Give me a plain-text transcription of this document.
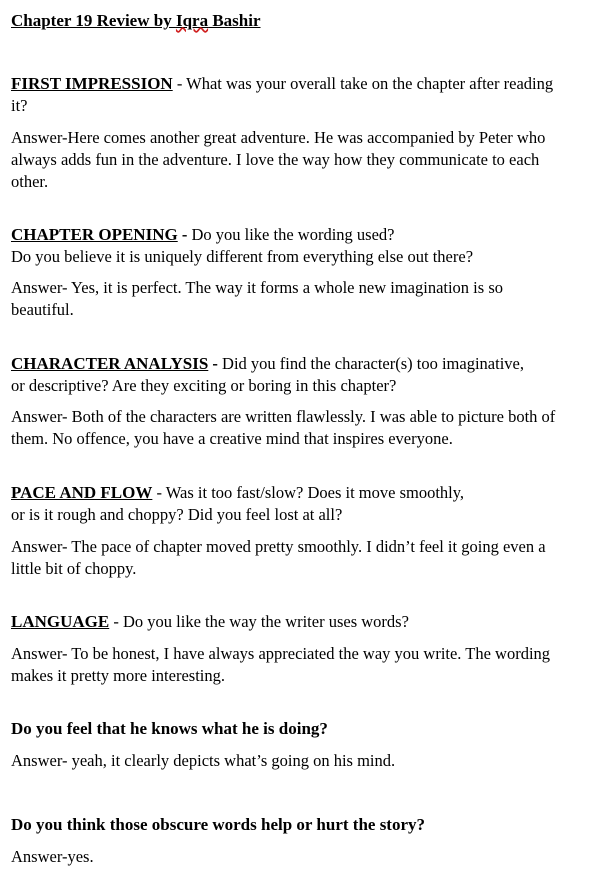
Chapter 19 Review by Iqra Bashir

FIRST IMPRESSION - What was your overall take on the chapter after reading
it?

Answer-Here comes another great adventure. He was accompanied by Peter who
always adds fun in the adventure. I love the way how they communicate to each
other.

CHAPTER OPENING - Do you like the wording used?
Do you believe it is uniquely different from everything else out there?

Answer- Yes, it is perfect. The way it forms a whole new imagination is so
beautiful.

CHARACTER ANALYSIS - Did you find the character(s) too imaginative,
or descriptive? Are they exciting or boring in this chapter?

Answer- Both of the characters are written flawlessly. I was able to picture both of
them. No offence, you have a creative mind that inspires everyone.

PACE AND FLOW - Was it too fast/slow? Does it move smoothly,
or is it rough and choppy? Did you feel lost at all?

Answer- The pace of chapter moved pretty smoothly. I didn’t feel it going even a
little bit of choppy.

LANGUAGE - Do you like the way the writer uses words?

Answer- To be honest, I have always appreciated the way you write. The wording
makes it pretty more interesting.

Do you feel that he knows what he is doing?

Answer- yeah, it clearly depicts what’s going on his mind.

Do you think those obscure words help or hurt the story?

Answer-yes.
